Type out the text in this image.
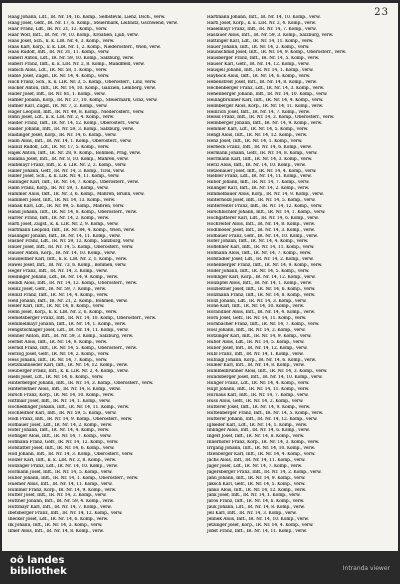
23

Haag Johann, Ldt., IR. Nr. 14, 16. Komp., Selbsteval, Lienz, Dsch., verw.

Haag Josef, Gefr., IR. Nr. 17, 6. Komp., Steiermark, Leibnitz, Gschwend, verw.

Haar Franz, Ldt., IR. Nr. 21, 12. Komp., verw.

Haar Wolf, Inft., IR. Nr. 79, 10. Komp., Kroatien, Ljub, verw.

Haas Josef, Sch., k. k. LIR. Nr. 4, 3. Komp., verw.

Haas Karl, Korp., k. k. LIR. Nr. 1, 2. Komp., Niederösterr., Wien, verw.

Haas Rudolf, Inft., IR. Nr. 31, 11. Komp., verw.

Haberl Anton, Ldt., IR. Nr. 59, 10. Komp., Salzburg, verw.

Haberl Franz, Inft., k. k. LIR. Nr. 2, 8. Komp., Mandlfeld, verw.

Habich Alois, Ldt., IR. Nr. 58, 1. Komp., verw.

Hable Josef, Zugsf., IR. Nr. 14, 4. Komp., verw.

Hack Franz, Sch., k. k. LIR. Nr. 3, 5. Komp., Oberösterr., Linz, verw.

Hacker Anton, Inft., IR. Nr. 14, 10. Komp., Galizien, Lemberg, verw.

Hader Josef, Inft., IR. Nr. 81, 1. Komp., verw.

Hafner Johann, Korp., IR. Nr. 27, 10. Komp., Steiermark, Graz, verw.

Hafner Karl, Zugsf., IR. Nr. 7, 2. Komp., verw.

Hager Leopold, Inft., IR. Nr. 49, 8. Komp., Niederösterr., verw.

Hahn Josef, Ldt., k. k. LIR. Nr. 2, 4. Komp., verw.

Haider Franz, Inft., IR. Nr. 14, 12. Komp., Oberösterr., verw.

Haider Johann, Inft., IR. Nr. 59, 3. Komp., Salzburg, verw.

Haidinger Josef, Korp., IR. Nr. 14, 6. Komp., verw.

Haim Alois, Inft., IR. Nr. 14, 1. Komp., Oberösterr., verw.

Hainzl Rudolf, Ldt., IR. Nr. 17, 5. Komp., verw.

Hajek Anton, Inft., IR. Nr. 28, 9. Komp., Böhmen, Prag, verw.

Halama Josef, Inft., IR. Nr. 8, 10. Komp., Mähren, verw.

Halbmayr Franz, Inft., k. k. LIR. Nr. 2, 2. Komp., verw.

Haller Johann, Gefr., IR. Nr. 14, 3. Komp., Tirol, verw.

Haller Josef, Sch., k. k. LIR. Nr. 4, 11. Komp., verw.

Hallinger Karl, Inft., IR. Nr. 14, 7. Komp., Oberösterr., verw.

Halm Franz, Korp., IR. Nr. 59, 1. Komp., verw.

Hammer Alois, Inft., IR. Nr. 3, 6. Komp., Mähren, Brünn, verw.

Hammerl Josef, Inft., IR. Nr. 14, 13. Komp., verw.

Hanak Karl, Ldt., IR. Nr. 99, 5. Komp., Mähren, verw.

Hansl Johann, Inft., IR. Nr. 14, 8. Komp., Oberösterr., verw.

Harrer Franz, Inft., IR. Nr. 14, 2. Komp., verw.

Hartl Josef, Zugsf., k. k. LIR. Nr. 2, 9. Komp., verw.

Hartmann Leopold, Inft., IR. Nr. 84, 4. Komp., Wien, verw.

Haslinger Johann, Inft., IR. Nr. 14, 11. Komp., verw.

Hasner Franz, Ldt., IR. Nr. 59, 12. Komp., Salzburg, verw.

Hauer Josef, Inft., IR. Nr. 14, 5. Komp., Oberösterr., verw.

Hauser Anton, Korp., IR. Nr. 14, 10. Komp., verw.

Hausleitner Karl, Inft., k. k. LIR. Nr. 2, 1. Komp., verw.

Hawel Josef, Inft., IR. Nr. 73, 6. Komp., Böhmen, verw.

Heger Franz, Inft., IR. Nr. 14, 3. Komp., verw.

Heidinger Johann, Ldt., IR. Nr. 14, 9. Komp., verw.

Heindl Alois, Inft., IR. Nr. 14, 12. Komp., Oberösterr., verw.

Heinz Josef, Gefr., IR. Nr. 59, 7. Komp., verw.

Heinzl Franz, Inft., IR. Nr. 14, 4. Komp., verw.

Held Johann, Inft., IR. Nr. 21, 2. Komp., Böhmen, verw.

Heller Karl, Inft., IR. Nr. 14, 8. Komp., verw.

Helm Josef, Korp., k. k. LIR. Nr. 2, 6. Komp., verw.

Hemetsberger Franz, Inft., IR. Nr. 14, 10. Komp., Oberösterr., verw.

Hemmelmayr Johann, Inft., IR. Nr. 14, 1. Komp., verw.

Hengstschläger Josef, Ldt., IR. Nr. 14, 11. Komp., verw.

Henner Anton, Inft., IR. Nr. 59, 3. Komp., Salzburg, verw.

Herbst Alois, Inft., IR. Nr. 14, 9. Komp., verw.

Herndl Franz, Inft., IR. Nr. 14, 5. Komp., Oberösterr., verw.

Herzog Josef, Gefr., IR. Nr. 14, 2. Komp., verw.

Hess Johann, Inft., IR. Nr. 14, 7. Komp., verw.

Hetzmannseder Karl, Inft., IR. Nr. 14, 12. Komp., verw.

Heuberger Franz, Inft., k. k. LIR. Nr. 2, 4. Komp., verw.

Hiebl Josef, Ldt., IR. Nr. 14, 6. Komp., verw.

Hinterberger Johann, Inft., IR. Nr. 14, 3. Komp., Oberösterr., verw.

Hinterleitner Alois, Inft., IR. Nr. 14, 8. Komp., verw.

Hirsch Franz, Korp., IR. Nr. 14, 10. Komp., verw.

Hittmair Josef, Inft., IR. Nr. 14, 1. Komp., verw.

Hochedlinger Johann, Inft., IR. Nr. 14, 11. Komp., verw.

Hochleitner Karl, Inft., IR. Nr. 59, 5. Komp., verw.

Hödl Franz, Inft., IR. Nr. 14, 9. Komp., Oberösterr., verw.

Hofbauer Josef, Ldt., IR. Nr. 14, 2. Komp., verw.

Hofer Johann, Inft., IR. Nr. 14, 4. Komp., verw.

Hofinger Alois, Inft., IR. Nr. 14, 7. Komp., verw.

Hofmann Franz, Gefr., IR. Nr. 14, 12. Komp., verw.

Hofstätter Josef, Inft., IR. Nr. 14, 6. Komp., verw.

Holl Johann, Inft., IR. Nr. 14, 3. Komp., Oberösterr., verw.

Holzer Karl, Inft., k. k. LIR. Nr. 2, 8. Komp., verw.

Holzinger Franz, Ldt., IR. Nr. 14, 10. Komp., verw.

Hörmann Josef, Inft., IR. Nr. 14, 5. Komp., verw.

Huber Johann, Inft., IR. Nr. 14, 1. Komp., Oberösterr., verw.

Huemer Alois, Inft., IR. Nr. 14, 11. Komp., verw.

Hummer Franz, Korp., IR. Nr. 14, 9. Komp., verw.

Hutter Josef, Inft., IR. Nr. 14, 2. Komp., verw.

Huttner Johann, Inft., IR. Nr. 59, 4. Komp., verw.

Hüttmayr Karl, Inft., IR. Nr. 14, 7. Komp., verw.

Ibetsberger Franz, Inft., IR. Nr. 14, 12. Komp., verw.

Illecker Josef, Ldt., IR. Nr. 14, 6. Komp., verw.

Ilk Johann, Inft., IR. Nr. 14, 3. Komp., verw.

Ilmer Alois, Inft., IR. Nr. 14, 8. Komp., verw.

Hartmann Johann, Inft., IR. Nr. 14, 10. Komp., verw.

Hartl Josef, Korp., k. k. LIR. Nr. 2, 4. Komp., verw.

Haselmayr Franz, Inft., IR. Nr. 14, 7. Komp., verw.

Haslauer Alois, Inft., IR. Nr. 59, 3. Komp., Salzburg, verw.

Hattinger Karl, Ldt., IR. Nr. 14, 11. Komp., verw.

Hauer Johann, Inft., IR. Nr. 14, 2. Komp., verw.

Haunschmid Josef, Inft., IR. Nr. 14, 9. Komp., Oberösterr., verw.

Hausberger Franz, Inft., IR. Nr. 14, 5. Komp., verw.

Hauser Karl, Gefr., IR. Nr. 14, 12. Komp., verw.

Hausjell Johann, Inft., IR. Nr. 14, 1. Komp., verw.

Hayböck Alois, Inft., IR. Nr. 14, 6. Komp., verw.

Hebenstreit Josef, Inft., IR. Nr. 14, 8. Komp., verw.

Hechenberger Franz, Ldt., IR. Nr. 14, 3. Komp., verw.

Hehenberger Johann, Inft., IR. Nr. 14, 10. Komp., verw.

Heilingbrunner Karl, Inft., IR. Nr. 14, 4. Komp., verw.

Heimberger Alois, Korp., IR. Nr. 14, 11. Komp., verw.

Heinrich Josef, Inft., IR. Nr. 14, 7. Komp., verw.

Heissl Franz, Inft., IR. Nr. 14, 2. Komp., Oberösterr., verw.

Helmberger Johann, Inft., IR. Nr. 14, 9. Komp., verw.

Hemmer Karl, Ldt., IR. Nr. 14, 5. Komp., verw.

Hengl Alois, Inft., IR. Nr. 14, 12. Komp., verw.

Henz Josef, Inft., IR. Nr. 14, 1. Komp., verw.

Herbeck Franz, Inft., IR. Nr. 14, 6. Komp., verw.

Hermann Johann, Gefr., IR. Nr. 14, 8. Komp., verw.

Herrmann Karl, Inft., IR. Nr. 14, 3. Komp., verw.

Herzl Alois, Inft., IR. Nr. 14, 10. Komp., verw.

Hetzenauer Josef, Inft., IR. Nr. 14, 4. Komp., verw.

Hiebler Franz, Ldt., IR. Nr. 14, 11. Komp., verw.

Hilber Johann, Inft., IR. Nr. 14, 7. Komp., verw.

Hillinger Karl, Inft., IR. Nr. 14, 2. Komp., verw.

Himmelbauer Alois, Korp., IR. Nr. 14, 9. Komp., verw.

Hinterhölzl Josef, Inft., IR. Nr. 14, 5. Komp., verw.

Hinterreiter Franz, Inft., IR. Nr. 14, 12. Komp., verw.

Hirschbichler Johann, Inft., IR. Nr. 14, 1. Komp., verw.

Hochgatterer Karl, Ldt., IR. Nr. 14, 6. Komp., verw.

Hochreiter Alois, Inft., IR. Nr. 14, 8. Komp., verw.

Hödlmoser Josef, Inft., IR. Nr. 14, 3. Komp., verw.

Hofbauer Franz, Gefr., IR. Nr. 14, 10. Komp., verw.

Hofer Johann, Inft., IR. Nr. 14, 4. Komp., verw.

Hoflehner Karl, Inft., IR. Nr. 14, 11. Komp., verw.

Hofmann Alois, Inft., IR. Nr. 14, 7. Komp., verw.

Hofstadler Josef, Ldt., IR. Nr. 14, 2. Komp., verw.

Hohenberger Franz, Inft., IR. Nr. 14, 9. Komp., verw.

Höller Johann, Inft., IR. Nr. 14, 5. Komp., verw.

Höllinger Karl, Korp., IR. Nr. 14, 12. Komp., verw.

Holzapfel Alois, Inft., IR. Nr. 14, 1. Komp., verw.

Holzleitner Josef, Inft., IR. Nr. 14, 6. Komp., verw.

Holzmann Franz, Inft., IR. Nr. 14, 8. Komp., verw.

Hölzl Johann, Ldt., IR. Nr. 14, 3. Komp., verw.

Hone Karl, Inft., IR. Nr. 14, 10. Komp., verw.

Hörandner Alois, Inft., IR. Nr. 14, 4. Komp., verw.

Horn Josef, Gefr., IR. Nr. 14, 11. Komp., verw.

Hornbacher Franz, Inft., IR. Nr. 14, 7. Komp., verw.

Hösl Johann, Inft., IR. Nr. 14, 2. Komp., verw.

Hötzinger Karl, Inft., IR. Nr. 14, 9. Komp., verw.

Huber Alois, Ldt., IR. Nr. 14, 5. Komp., verw.

Huber Josef, Inft., IR. Nr. 14, 12. Komp., verw.

Hübl Franz, Inft., IR. Nr. 14, 1. Komp., verw.

Hufnagl Johann, Korp., IR. Nr. 14, 6. Komp., verw.

Humer Karl, Inft., IR. Nr. 14, 8. Komp., verw.

Hummelbrunner Alois, Inft., IR. Nr. 14, 3. Komp., verw.

Hundsberger Josef, Inft., IR. Nr. 14, 10. Komp., verw.

Hunger Franz, Ldt., IR. Nr. 14, 4. Komp., verw.

Hupf Johann, Inft., IR. Nr. 14, 11. Komp., verw.

Hurnaus Karl, Inft., IR. Nr. 14, 7. Komp., verw.

Huss Alois, Gefr., IR. Nr. 14, 2. Komp., verw.

Hutterer Josef, Inft., IR. Nr. 14, 9. Komp., verw.

Hüttenberger Franz, Inft., IR. Nr. 14, 5. Komp., verw.

Hutterer Johann, Inft., IR. Nr. 14, 12. Komp., verw.

Iglseder Karl, Ldt., IR. Nr. 14, 1. Komp., verw.

Imlinger Alois, Inft., IR. Nr. 14, 6. Komp., verw.

Ingerl Josef, Inft., IR. Nr. 14, 8. Komp., verw.

Innerhofer Franz, Korp., IR. Nr. 14, 3. Komp., verw.

Irrgang Johann, Inft., IR. Nr. 14, 10. Komp., verw.

Itzenberger Karl, Inft., IR. Nr. 14, 4. Komp., verw.

Jachs Alois, Inft., IR. Nr. 14, 11. Komp., verw.

Jäger Josef, Ldt., IR. Nr. 14, 7. Komp., verw.

Jagersberger Franz, Inft., IR. Nr. 14, 2. Komp., verw.

Jahn Johann, Inft., IR. Nr. 14, 9. Komp., verw.

Jaksch Karl, Gefr., IR. Nr. 14, 5. Komp., verw.

Janko Alois, Inft., IR. Nr. 14, 12. Komp., verw.

Jank Josef, Inft., IR. Nr. 14, 1. Komp., verw.

Jaros Franz, Inft., IR. Nr. 14, 6. Komp., verw.

Jauk Johann, Ldt., IR. Nr. 14, 8. Komp., verw.

Jell Karl, Inft., IR. Nr. 14, 3. Komp., verw.

Jelinek Alois, Inft., IR. Nr. 14, 10. Komp., verw.

Jetzinger Josef, Korp., IR. Nr. 14, 4. Komp., verw.

Jobst Franz, Inft., IR. Nr. 14, 11. Komp., verw.

oö landes
bibliothek	Intranda viewer
